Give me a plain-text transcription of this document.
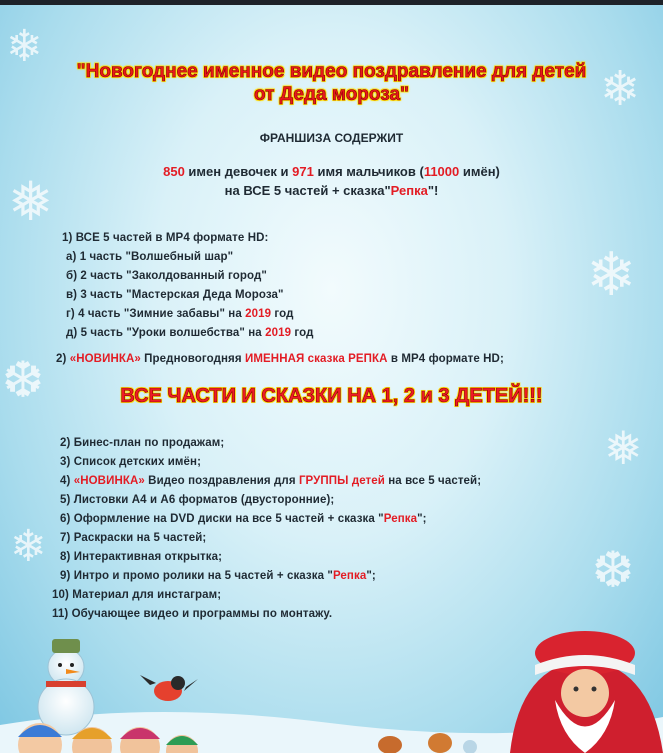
❄
❄
❅
❄
❆
❅
❄	❆
"Новогоднее именное видео поздравление для детей
от Деда мороза"
ФРАНШИЗА СОДЕРЖИТ
850 имен девочек и 971 имя мальчиков (11000 имён)
на ВСЕ 5 частей + сказка"Репка"!
1) ВСЕ 5 частей в МР4 формате HD:
а) 1 часть "Волшебный шар"
б) 2 часть "Заколдованный город"
в) 3 часть "Мастерская Деда Мороза"
г) 4 часть "Зимние забавы" на 2019 год
д) 5 часть "Уроки волшебства" на 2019 год
2) «НОВИНКА» Предновогодняя ИМЕННАЯ сказка РЕПКА в МР4 формате HD;
ВСЕ ЧАСТИ И СКАЗКИ НА 1, 2 и 3 ДЕТЕЙ!!!
2) Бинес-план по продажам;
3) Список детских имён;
4) «НОВИНКА» Видео поздравления для ГРУППЫ детей на все 5 частей;
5) Листовки А4 и А6 форматов (двусторонние);
6) Оформление на DVD диски на все 5 частей + сказка "Репка";
7) Раскраски на 5 частей;
8) Интерактивная открытка;
9) Интро и промо ролики на 5 частей + сказка "Репка";
10) Материал для инстаграм;
11) Обучающее видео и программы по монтажу.
